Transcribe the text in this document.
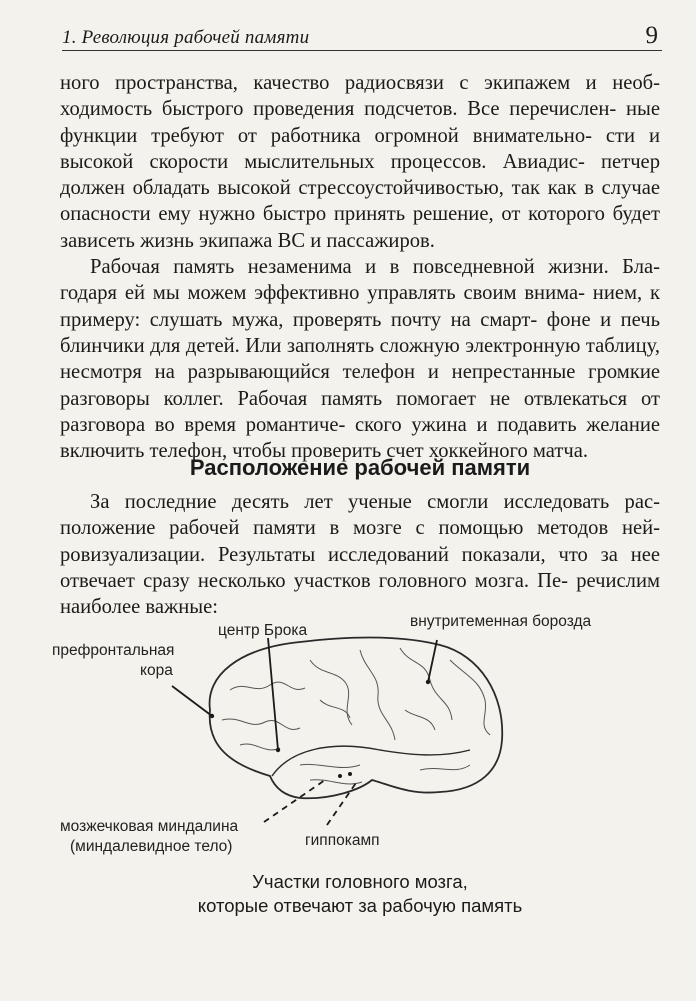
1. Революция рабочей памяти	9

ного пространства, качество радиосвязи с экипажем и необ- ходимость быстрого проведения подсчетов. Все перечислен- ные функции требуют от работника огромной внимательно- сти и высокой скорости мыслительных процессов. Авиадис- петчер должен обладать высокой стрессоустойчивостью, так как в случае опасности ему нужно быстро принять решение, от которого будет зависеть жизнь экипажа ВС и пассажиров.

Рабочая память незаменима и в повседневной жизни. Бла- годаря ей мы можем эффективно управлять своим внима- нием, к примеру: слушать мужа, проверять почту на смарт- фоне и печь блинчики для детей. Или заполнять сложную электронную таблицу, несмотря на разрывающийся телефон и непрестанные громкие разговоры коллег. Рабочая память помогает не отвлекаться от разговора во время романтиче- ского ужина и подавить желание включить телефон, чтобы проверить счет хоккейного матча.

Расположение рабочей памяти

За последние десять лет ученые смогли исследовать рас- положение рабочей памяти в мозге с помощью методов ней- ровизуализации. Результаты исследований показали, что за нее отвечает сразу несколько участков головного мозга. Пе- речислим наиболее важные:

префронтальная
кора
центр Брока
внутритеменная борозда
мозжечковая миндалина
(миндалевидное тело)	гиппокамп
Участки головного мозга,
которые отвечают за рабочую память
